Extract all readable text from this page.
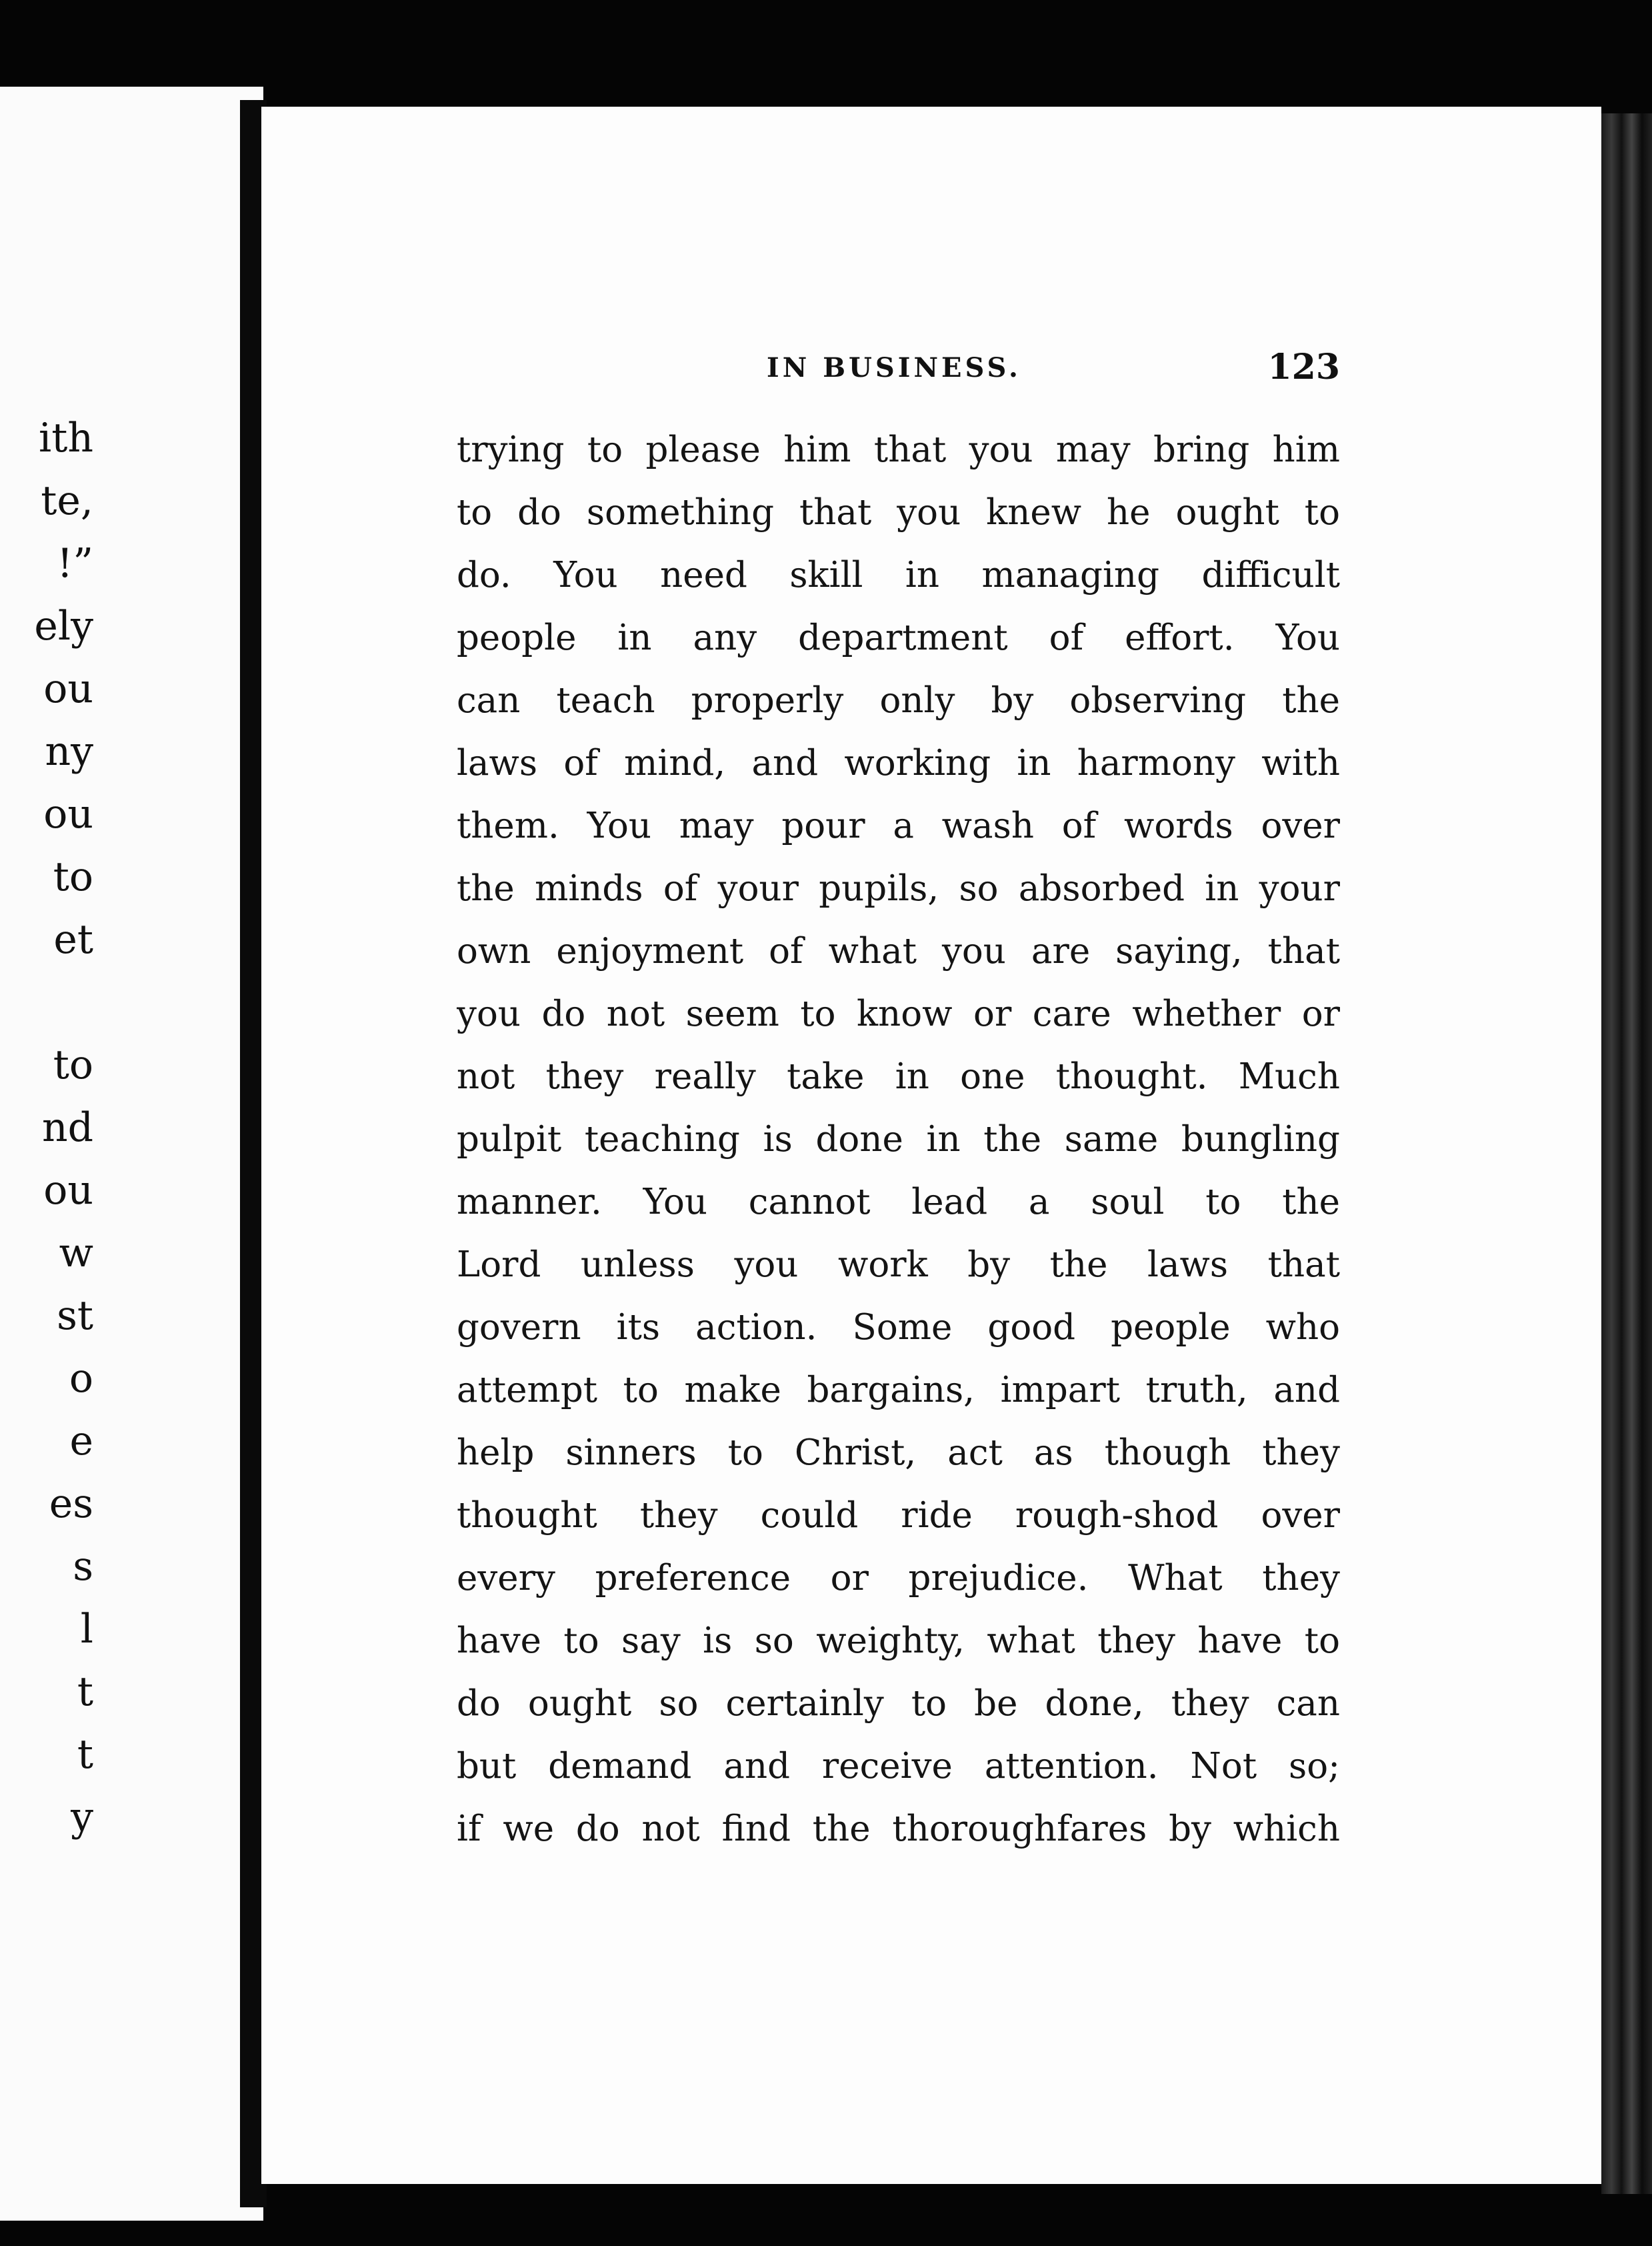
ith
te,
!”
ely
ou
ny
ou
to
et
to
nd
ou
w
st
o
e
es
s
l
t
t
y
IN BUSINESS.	123
trying to please him that you may bring him
to do something that you knew he ought to
do. You need skill in managing difficult
people in any department of effort. You
can teach properly only by observing the
laws of mind, and working in harmony with
them. You may pour a wash of words over
the minds of your pupils, so absorbed in your
own enjoyment of what you are saying, that
you do not seem to know or care whether or
not they really take in one thought. Much
pulpit teaching is done in the same bungling
manner. You cannot lead a soul to the
Lord unless you work by the laws that
govern its action. Some good people who
attempt to make bargains, impart truth, and
help sinners to Christ, act as though they
thought they could ride rough-shod over
every preference or prejudice. What they
have to say is so weighty, what they have to
do ought so certainly to be done, they can
but demand and receive attention. Not so;
if we do not find the thoroughfares by which
